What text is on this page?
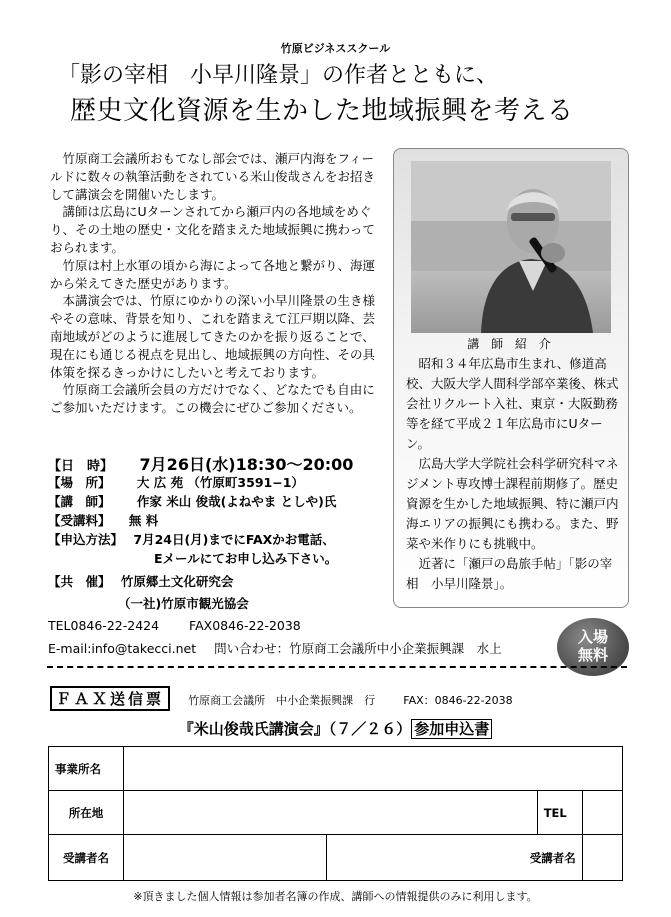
竹原ビジネススクール
「影の宰相　小早川隆景」の作者とともに、
歴史文化資源を生かした地域振興を考える

竹原商工会議所おもてなし部会では、瀬戸内海をフィールドに数々の執筆活動をされている米山俊哉さんをお招きして講演会を開催いたします。

講師は広島にUターンされてから瀬戸内の各地域をめぐり、その土地の歴史・文化を踏まえた地域振興に携わっておられます。

竹原は村上水軍の頃から海によって各地と繋がり、海運から栄えてきた歴史があります。

本講演会では、竹原にゆかりの深い小早川隆景の生き様やその意味、背景を知り、これを踏まえて江戸期以降、芸南地域がどのように進展してきたのかを振り返ることで、現在にも通じる視点を見出し、地域振興の方向性、その具体策を探るきっかけにしたいと考えております。

竹原商工会議所会員の方だけでなく、どなたでも自由にご参加いただけます。この機会にぜひご参加ください。

講 師 紹 介

昭和３４年広島市生まれ、修道高校、大阪大学人間科学部卒業後、株式会社リクルート入社、東京・大阪勤務等を経て平成２１年広島市にUターン。

広島大学大学院社会科学研究科マネジメント専攻博士課程前期修了。歴史資源を生かした地域振興、特に瀬戸内海エリアの振興にも携わる。また、野菜や米作りにも挑戦中。

近著に「瀬戸の島旅手帖」「影の宰相　小早川隆景」。

【日　時】 7月26日(水)18:30〜20:00
【場　所】 大 広 苑 （竹原町3591−1）
【講　師】 作家 米山 俊哉(よねやま としや)氏
【受講料】 無 料
【申込方法】 7月24日(月)までにFAXかお電話、
Eメールにてお申し込み下さい。
【共　催】 竹原郷土文化研究会
（一社)竹原市観光協会
TEL0846-22-2424 FAX0846-22-2038
E-mail:info@takecci.net 問い合わせ：竹原商工会議所中小企業振興課　水上
入場
無料
ＦＡＸ送信票 竹原商工会議所　中小企業振興課　行	FAX：0846-22-2038
『米山俊哉氏講演会』（７／２６） 参加申込書
事業所名				
所在地			TEL	
受講者名		受講者名		
※頂きました個人情報は参加者名簿の作成、講師への情報提供のみに利用します。
